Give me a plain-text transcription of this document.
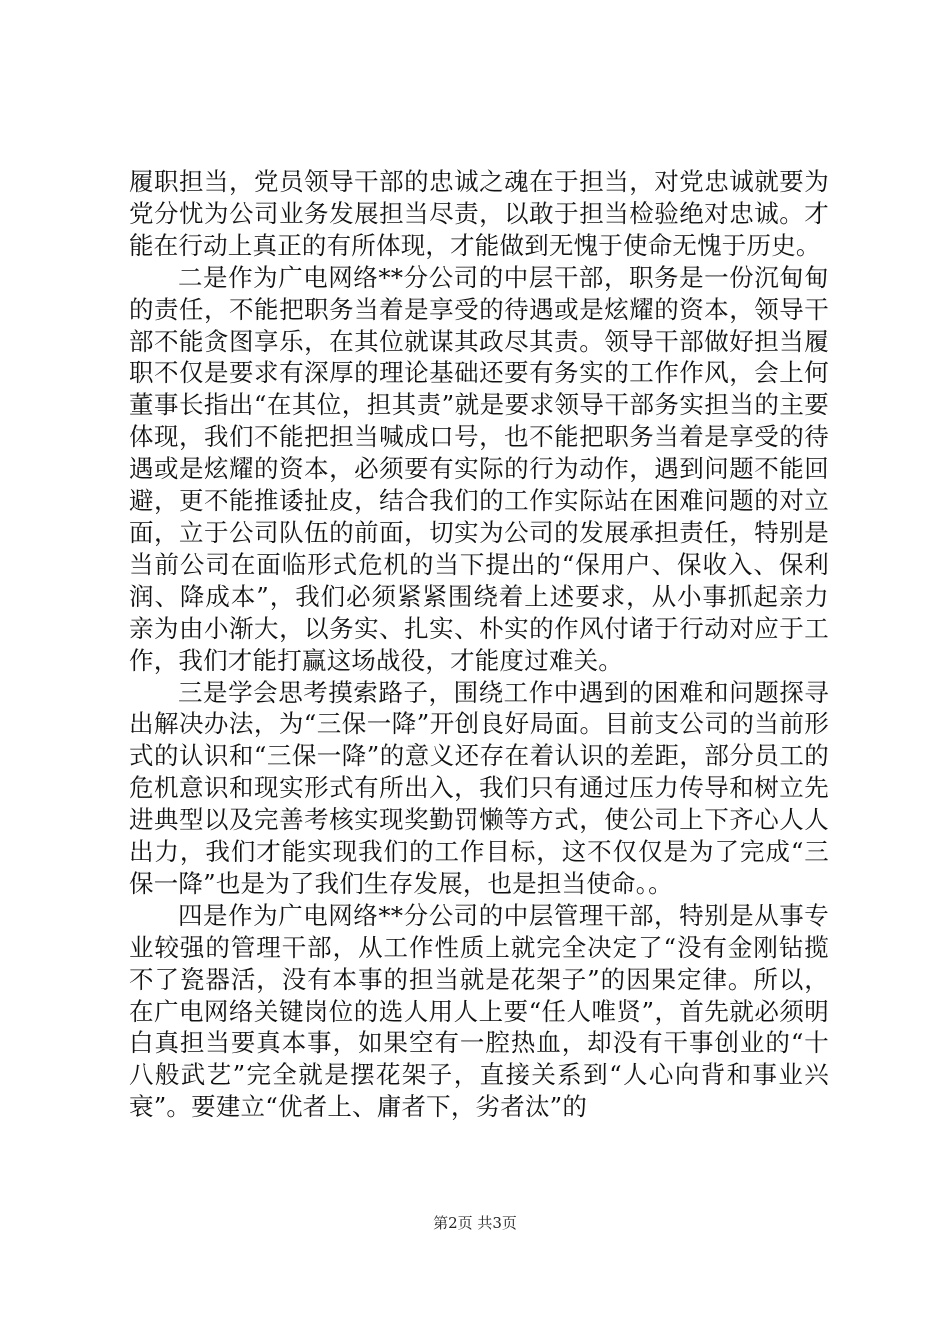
履职担当，党员领导干部的忠诚之魂在于担当，对党忠诚就要为党分忧为公司业务发展担当尽责，以敢于担当检验绝对忠诚。才能在行动上真正的有所体现，才能做到无愧于使命无愧于历史。

二是作为广电网络**分公司的中层干部，职务是一份沉甸甸的责任，不能把职务当着是享受的待遇或是炫耀的资本，领导干部不能贪图享乐，在其位就谋其政尽其责。领导干部做好担当履职不仅是要求有深厚的理论基础还要有务实的工作作风，会上何董事长指出“在其位，担其责”就是要求领导干部务实担当的主要体现，我们不能把担当喊成口号，也不能把职务当着是享受的待遇或是炫耀的资本，必须要有实际的行为动作，遇到问题不能回避，更不能推诿扯皮，结合我们的工作实际站在困难问题的对立面，立于公司队伍的前面，切实为公司的发展承担责任，特别是当前公司在面临形式危机的当下提出的“保用户、保收入、保利润、降成本”，我们必须紧紧围绕着上述要求，从小事抓起亲力亲为由小渐大，以务实、扎实、朴实的作风付诸于行动对应于工作，我们才能打赢这场战役，才能度过难关。

三是学会思考摸索路子，围绕工作中遇到的困难和问题探寻出解决办法，为“三保一降”开创良好局面。目前支公司的当前形式的认识和“三保一降”的意义还存在着认识的差距，部分员工的危机意识和现实形式有所出入，我们只有通过压力传导和树立先进典型以及完善考核实现奖勤罚懒等方式，使公司上下齐心人人出力，我们才能实现我们的工作目标，这不仅仅是为了完成“三保一降”也是为了我们生存发展，也是担当使命。。

四是作为广电网络**分公司的中层管理干部，特别是从事专业较强的管理干部，从工作性质上就完全决定了“没有金刚钻揽不了瓷器活，没有本事的担当就是花架子”的因果定律。所以，在广电网络关键岗位的选人用人上要“任人唯贤”，首先就必须明白真担当要真本事，如果空有一腔热血，却没有干事创业的“十八般武艺”完全就是摆花架子，直接关系到“人心向背和事业兴衰”。要建立“优者上、庸者下，劣者汰”的

第2页 共3页
